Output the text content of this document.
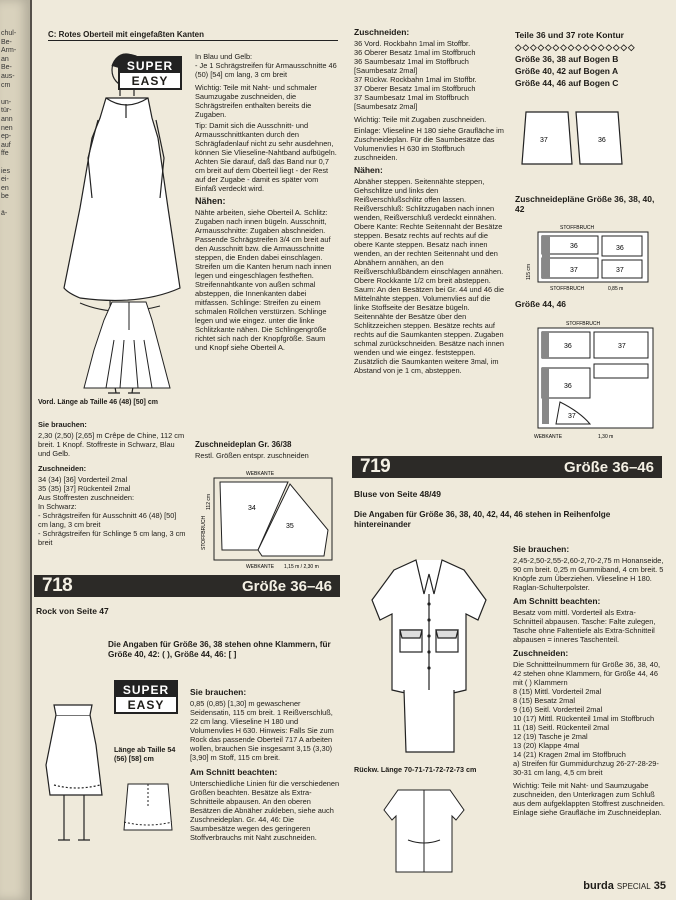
chul-
Be-
Arm-
an
Be-
aus-
cm

un-
tür-
ann
nen
ep-
auf
ffe

ies
ei-
en
be

ä-
C: Rotes Oberteil mit eingefaßten Kanten
SUPER
EASY

In Blau und Gelb:
- Je 1 Schrägstreifen für Armausschnitte 46 (50) [54] cm lang, 3 cm breit

Wichtig: Teile mit Naht- und schmaler Saumzugabe zuschneiden, die Schrägstreifen enthalten bereits die Zugaben.

Tip: Damit sich die Ausschnitt- und Armausschnittkanten durch den Schrägfadenlauf nicht zu sehr ausdehnen, können Sie Vlieseline-Nahtband aufbügeln. Achten Sie darauf, daß das Band nur 0,7 cm breit auf dem Oberteil liegt - der Rest auf der Zugabe - damit es später vom Einfaß verdeckt wird.

Nähen:

Nähte arbeiten, siehe Oberteil A. Schlitz: Zugaben nach innen bügeln. Ausschnitt, Armausschnitte: Zugaben abschneiden. Passende Schrägstreifen 3/4 cm breit auf den Ausschnitt bzw. die Armausschnitte steppen, die Enden dabei einschlagen. Streifen um die Kanten herum nach innen legen und eingeschlagen festheften. Streifennahtkante von außen schmal absteppen, die Innenkanten dabei mitfassen. Schlinge: Streifen zu einem schmalen Röllchen verstürzen. Schlinge legen und wie eingez. unter die linke Schlitzkante nähen. Die Schlingengröße richtet sich nach der Knopfgröße. Saum und Knopf siehe Oberteil A.

Vord. Länge ab Taille 46 (48) [50] cm

Sie brauchen:

2,30 (2,50) [2,65] m Crêpe de Chine, 112 cm breit. 1 Knopf. Stoffreste in Schwarz, Blau und Gelb.

Zuschneiden:

34 (34) [36] Vorderteil 2mal
35 (35) [37] Rückenteil 2mal
Aus Stoffresten zuschneiden:
In Schwarz:
- Schrägstreifen für Ausschnitt 46 (48) [50] cm lang, 3 cm breit
- Schrägstreifen für Schlinge 5 cm lang, 3 cm breit

Zuschneideplan Gr. 36/38

Restl. Größen entspr. zuschneiden

WEBKANTE
WEBKANTE
STOFFBRUCH
112 cm
1,15 m / 2,30 m
34
35
718	Größe 36–46
Rock von Seite 47
Die Angaben für Größe 36, 38 stehen ohne Klammern, für Größe 40, 42: ( ), Größe 44, 46: [ ]
SUPER
EASY
Länge ab Taille 54 (56) [58] cm

Sie brauchen:

0,85 (0,85) [1,30] m gewaschener Seidensatin, 115 cm breit. 1 Reißverschluß, 22 cm lang. Vlieseline H 180 und Volumenvlies H 630. Hinweis: Falls Sie zum Rock das passende Oberteil 717 A arbeiten wollen, brauchen Sie insgesamt 3,15 (3,30) [3,90] m Stoff, 115 cm breit.

Am Schnitt beachten:

Unterschiedliche Linien für die verschiedenen Größen beachten. Besätze als Extra-Schnitteile abpausen. An den oberen Besätzen die Abnäher zukleben, siehe auch Zuschneideplan. Gr. 44, 46: Die Saumbesätze wegen des geringeren Stoffverbrauchs mit Naht zuschneiden.

Zuschneiden:

36 Vord. Rockbahn 1mal im Stoffbr.
36 Oberer Besatz 1mal im Stoffbruch
36 Saumbesatz 1mal im Stoffbruch [Saumbesatz 2mal]
37 Rückw. Rockbahn 1mal im Stoffbr.
37 Oberer Besatz 1mal im Stoffbruch
37 Saumbesatz 1mal im Stoffbruch [Saumbesatz 2mal]

Wichtig: Teile mit Zugaben zuschneiden.

Einlage: Vlieseline H 180 siehe Graufläche im Zuschneideplan. Für die Saumbesätze das Volumenvlies H 630 im Stoffbruch zuschneiden.

Nähen:

Abnäher steppen. Seitennähte steppen, Gehschlitze und links den Reißverschlußschlitz offen lassen. Reißverschluß: Schlitzzugaben nach innen wenden, Reißverschluß verdeckt einnähen. Obere Kante: Rechte Seitennaht der Besätze steppen. Besatz rechts auf rechts auf die obere Kante steppen. Besatz nach innen wenden, an der rechten Seitennaht und den Abnähern annähen, an den Reißverschlußbändern einschlagen annähen. Obere Rockkante 1/2 cm breit absteppen. Saum: An den Besätzen bei Gr. 44 und 46 die Mittelnähte steppen. Volumenvlies auf die linke Stoffseite der Besätze bügeln. Seitennähte der Besätze über den Schlitzzeichen steppen. Besätze rechts auf rechts auf die Saumkanten steppen. Zugaben schmal zurückschneiden. Besätze nach innen wenden und wie eingez. feststeppen. Zusätzlich die Saumkanten weitere 3mal, im Abstand von je 1 cm, absteppen.

Teile 36 und 37 rote Kontur

◇◇◇◇◇◇◇◇◇◇◇◇◇◇◇◇

Größe 36, 38 auf Bogen B

Größe 40, 42 auf Bogen A

Größe 44, 46 auf Bogen C

37	36
Zuschneidepläne Größe 36, 38, 40, 42
STOFFBRUCH
STOFFBRUCH	0,85 m
115 cm
36	36
37	37
Größe 44, 46
STOFFBRUCH
WEBKANTE	1,30 m
36	37
36
37
719	Größe 36–46
Bluse von Seite 48/49
Die Angaben für Größe 36, 38, 40, 42, 44, 46 stehen in Reihenfolge hintereinander
Rückw. Länge 70-71-71-72-72-73 cm

Sie brauchen:

2,45-2,50-2,55-2,60-2,70-2,75 m Honanseide, 90 cm breit. 0,25 m Gummiband, 4 cm breit. 5 Knöpfe zum Überziehen. Vlieseline H 180. Raglan-Schulterpolster.

Am Schnitt beachten:

Besatz vom mittl. Vorderteil als Extra-Schnitteil abpausen. Tasche: Falte zulegen, Tasche ohne Faltentiefe als Extra-Schnitteil abpausen = inneres Taschenteil.

Zuschneiden:

Die Schnittteilnummern für Größe 36, 38, 40, 42 stehen ohne Klammern, für Größe 44, 46 mit ( ) Klammern
8 (15) Mittl. Vorderteil 2mal
8 (15) Besatz 2mal
9 (16) Seitl. Vorderteil 2mal
10 (17) Mittl. Rückenteil 1mal im Stoffbruch
11 (18) Seitl. Rückenteil 2mal
12 (19) Tasche je 2mal
13 (20) Klappe 4mal
14 (21) Kragen 2mal im Stoffbruch
a) Streifen für Gummidurchzug 26-27-28-29-30-31 cm lang, 4,5 cm breit

Wichtig: Teile mit Naht- und Saumzugabe zuschneiden, den Unterkragen zum Schluß aus dem aufgeklappten Stoffrest zuschneiden. Einlage siehe Graufläche im Zuschneideplan.

burda SPECIAL 35
